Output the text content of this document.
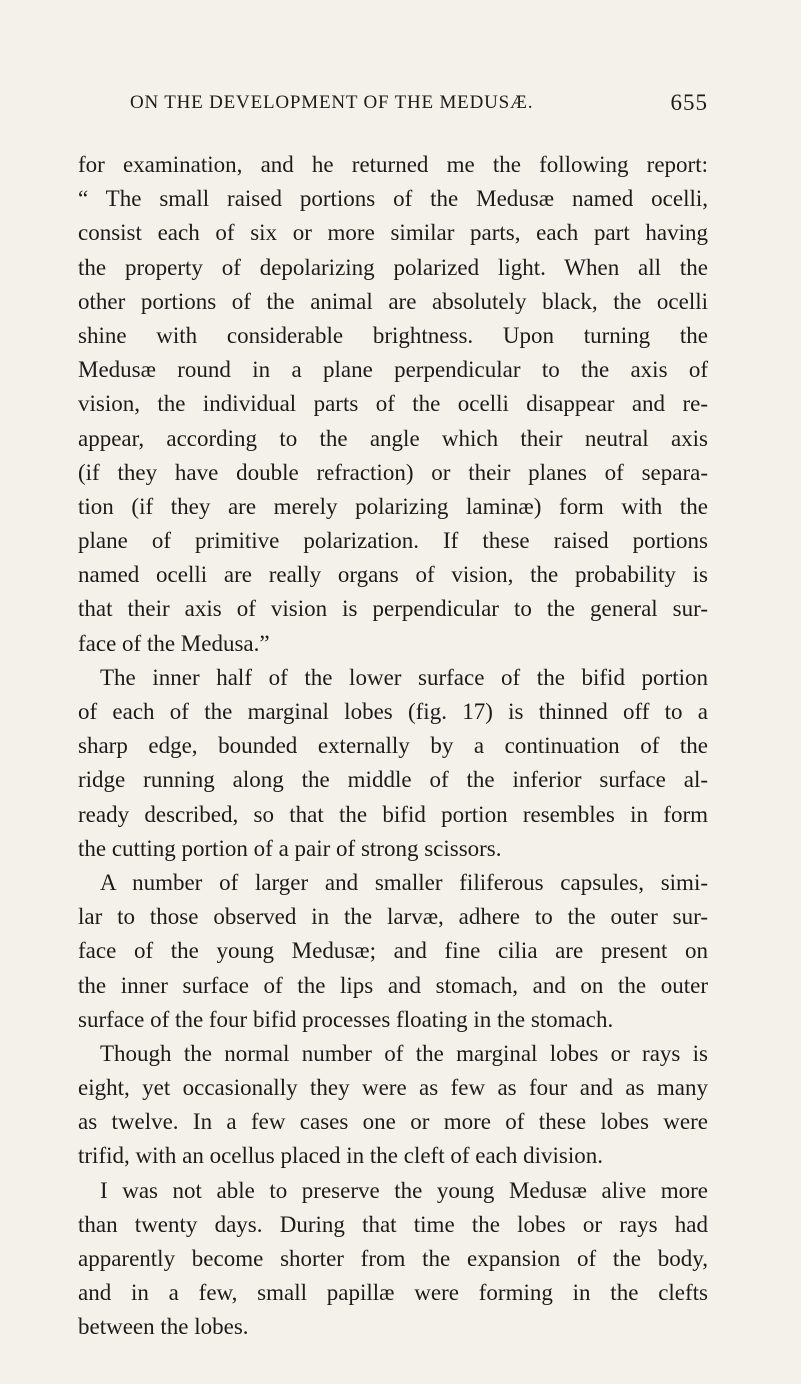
ON THE DEVELOPMENT OF THE MEDUSÆ.	655
for examination, and he returned me the following report:
“ The small raised portions of the Medusæ named ocelli,
consist each of six or more similar parts, each part having
the property of depolarizing polarized light. When all the
other portions of the animal are absolutely black, the ocelli
shine with considerable brightness. Upon turning the
Medusæ round in a plane perpendicular to the axis of
vision, the individual parts of the ocelli disappear and re-
appear, according to the angle which their neutral axis
(if they have double refraction) or their planes of separa-
tion (if they are merely polarizing laminæ) form with the
plane of primitive polarization. If these raised portions
named ocelli are really organs of vision, the probability is
that their axis of vision is perpendicular to the general sur-
face of the Medusa.”
The inner half of the lower surface of the bifid portion
of each of the marginal lobes (fig. 17) is thinned off to a
sharp edge, bounded externally by a continuation of the
ridge running along the middle of the inferior surface al-
ready described, so that the bifid portion resembles in form
the cutting portion of a pair of strong scissors.
A number of larger and smaller filiferous capsules, simi-
lar to those observed in the larvæ, adhere to the outer sur-
face of the young Medusæ; and fine cilia are present on
the inner surface of the lips and stomach, and on the outer
surface of the four bifid processes floating in the stomach.
Though the normal number of the marginal lobes or rays is
eight, yet occasionally they were as few as four and as many
as twelve. In a few cases one or more of these lobes were
trifid, with an ocellus placed in the cleft of each division.
I was not able to preserve the young Medusæ alive more
than twenty days. During that time the lobes or rays had
apparently become shorter from the expansion of the body,
and in a few, small papillæ were forming in the clefts
between the lobes.
